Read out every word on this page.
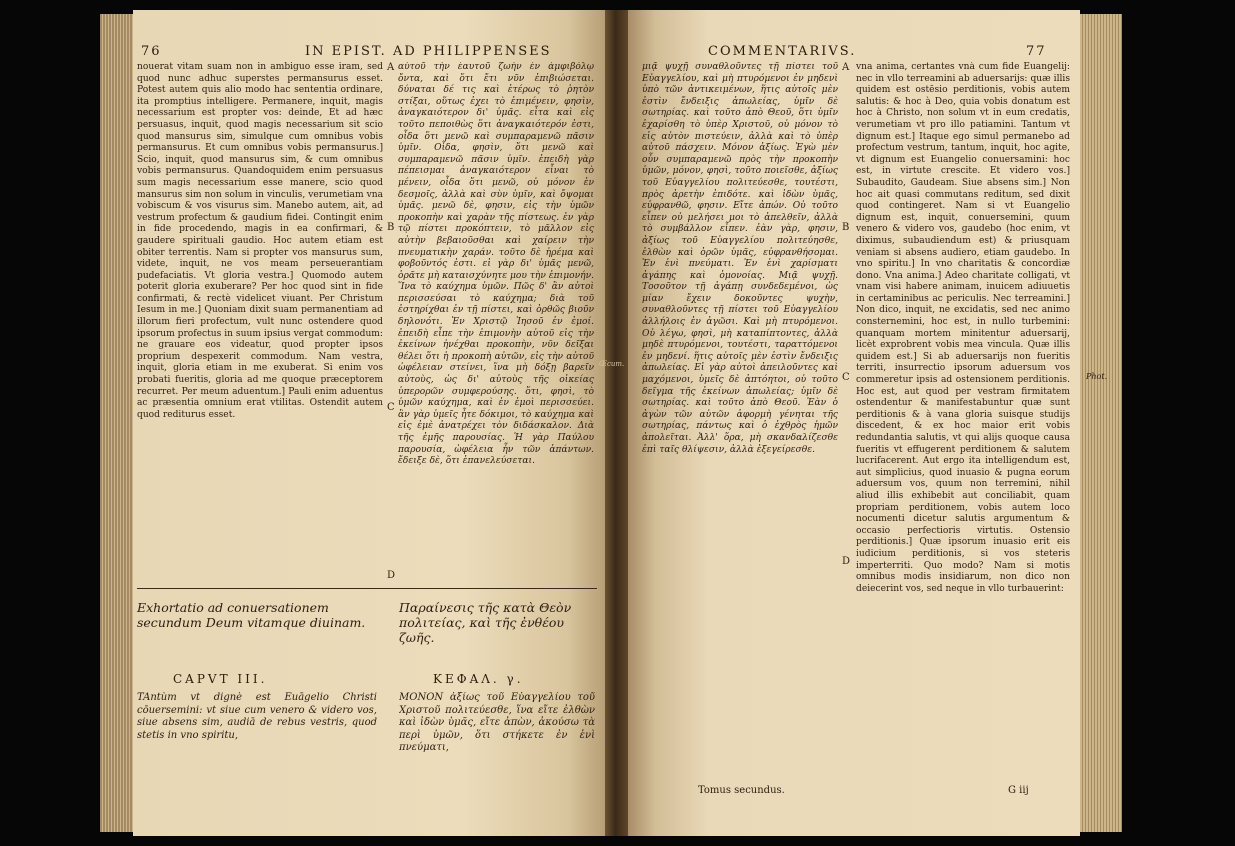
76	IN EPIST. AD PHILIPPENSES

nouerat vitam suam non in ambiguo esse iram, sed quod nunc adhuc superstes permansurus esset. Potest autem quis alio modo hac sententia ordinare, ita promptius intelligere. Permanere, inquit, magis necessarium est propter vos: deinde, Et ad hæc persuasus, inquit, quod magis necessarium sit scio quod mansurus sim, simulque cum omnibus vobis permansurus. Et cum omnibus vobis permansurus.] Scio, inquit, quod mansurus sim, & cum omnibus vobis permansurus. Quandoquidem enim persuasus sum magis necessarium esse manere, scio quod mansurus sim non solum in vinculis, verumetiam vna vobiscum & vos visurus sim. Manebo autem, ait, ad vestrum profectum & gaudium fidei. Contingit enim in fide procedendo, magis in ea confirmari, & gaudere spirituali gaudio. Hoc autem etiam est obiter terrentis. Nam si propter vos mansurus sum, videte, inquit, ne vos meam perseuerantiam pudefaciatis. Vt gloria vestra.] Quomodo autem poterit gloria exuberare? Per hoc quod sint in fide confirmati, & rectè videlicet viuant. Per Christum Iesum in me.] Quoniam dixit suam permanentiam ad illorum fieri profectum, vult nunc ostendere quod ipsorum profectus in suum ipsius vergat commodum: ne grauare eos videatur, quod propter ipsos proprium despexerit commodum. Nam vestra, inquit, gloria etiam in me exuberat. Si enim vos probati fueritis, gloria ad me quoque præceptorem recurret. Per meum aduentum.] Pauli enim aduentus ac præsentia omnium erat vtilitas. Ostendit autem quod rediturus esset.

αὐτοῦ τὴν ἑαυτοῦ ζωὴν ἐν ἀμφιβόλῳ ὄντα, καὶ ὅτι ἔτι νῦν ἐπιβιώσεται. δύναται δέ τις καὶ ἑτέρως τὸ ῥητὸν στίξαι, οὕτως ἐχει τὸ ἐπιμένειν, φησὶν, ἀναγκαιότερον δι' ὑμᾶς. εἶτα καὶ εἰς τοῦτο πεποιθὼς ὅτι ἀναγκαιότερόν ἐστι, οἶδα ὅτι μενῶ καὶ συμπαραμενῶ πᾶσιν ὑμῖν. Οἶδα, φησὶν, ὅτι μενῶ καὶ συμπαραμενῶ πᾶσιν ὑμῖν. ἐπειδὴ γὰρ πέπεισμαι ἀναγκαιότερον εἶναι τὸ μένειν, οἶδα ὅτι μενῶ, οὐ μόνον ἐν δεσμοῖς, ἀλλὰ καὶ σὺν ὑμῖν, καὶ ὄψομαι ὑμᾶς. μενῶ δὲ, φησιν, εἰς τὴν ὑμῶν προκοπὴν καὶ χαρὰν τῆς πίστεως. ἐν γὰρ τῷ πίστει προκόπτειν, τὸ μᾶλλον εἰς αὐτὴν βεβαιοῦσθαι καὶ χαίρειν τὴν πνευματικὴν χαράν. τοῦτο δὲ ἠρέμα καὶ φοβοῦντός ἐστι. εἰ γὰρ δι' ὑμᾶς μενῶ, ὁρᾶτε μὴ καταισχύνητε μου τὴν ἐπιμονήν. Ἵνα τὸ καύχημα ὑμῶν. Πῶς δ' ἂν αὐτοὶ περισσεύσαι τὸ καύχημα; διὰ τοῦ ἐστηρίχθαι ἐν τῇ πίστει, καὶ ὀρθῶς βιοῦν δηλονότι. Ἐν Χριστῷ Ἰησοῦ ἐν ἐμοί. ἐπειδὴ εἶπε τὴν ἐπιμονὴν αὐτοῦ εἰς τὴν ἐκείνων ἠνέχθαι προκοπὴν, νῦν δεῖξαι θέλει ὅτι ἡ προκοπὴ αὐτῶν, εἰς τὴν αὐτοῦ ὠφέλειαν στείνει, ἵνα μὴ δόξῃ βαρεῖν αὐτοὺς, ὡς δι' αὐτοὺς τῆς οἰκείας ὑπερορῶν συμφερούσης. ὅτι, φησὶ, τὸ ὑμῶν καύχημα, καὶ ἐν ἐμοὶ περισσεύει. ἂν γὰρ ὑμεῖς ἦτε δόκιμοι, τὸ καύχημα καὶ εἰς ἐμὲ ἀνατρέχει τὸν διδάσκαλον. Διὰ τῆς ἐμῆς παρουσίας. Ἡ γὰρ Παύλου παρουσία, ὠφέλεια ἦν τῶν ἁπάντων. ἔδειξε δὲ, ὅτι ἐπανελεύσεται.

A
B
C
D
Exhortatio ad conuersationem secundum Deum vitamque diuinam.
Παραίνεσις τῆς κατὰ Θεὸν πολιτείας, καὶ τῆς ἐνθέου ζωῆς.
CAPVT III.	ΚΕΦΑΛ. γ.

TAntùm vt dignè est Euāgelio Christi cōuersemini: vt siue cum venero & videro vos, siue absens sim, audiā de rebus vestris, quod stetis in vno spiritu,

ΜΟΝΟΝ ἀξίως τοῦ Εὐαγγελίου τοῦ Χριστοῦ πολιτεύεσθε, ἵνα εἴτε ἐλθὼν καὶ ἰδὼν ὑμᾶς, εἴτε ἀπὼν, ἀκούσω τὰ περὶ ὑμῶν, ὅτι στήκετε ἐν ἑνὶ πνεύματι,

Œcum.
COMMENTARIVS.	77

μιᾷ ψυχῇ συναθλοῦντες τῇ πίστει τοῦ Εὐαγγελίου, καὶ μὴ πτυρόμενοι ἐν μηδενὶ ὑπὸ τῶν ἀντικειμένων, ἥτις αὐτοῖς μὲν ἐστὶν ἔνδειξις ἀπωλείας, ὑμῖν δὲ σωτηρίας. καὶ τοῦτο ἀπὸ Θεοῦ, ὅτι ὑμῖν ἐχαρίσθη τὸ ὑπὲρ Χριστοῦ, οὐ μόνον τὸ εἰς αὐτὸν πιστεύειν, ἀλλὰ καὶ τὸ ὑπὲρ αὐτοῦ πάσχειν. Μόνον ἀξίως. Ἐγὼ μὲν οὖν συμπαραμενῶ πρὸς τὴν προκοπὴν ὑμῶν, μόνον, φησὶ, τοῦτο ποιεῖσθε, ἀξίως τοῦ Εὐαγγελίου πολιτεύεσθε, τουτέστι, πρὸς ἀρετὴν ἐπιδότε. καὶ ἰδὼν ὑμᾶς, εὐφρανθῶ, φησιν. Εἴτε ἀπών. Οὐ τοῦτο εἶπεν οὐ μελήσει μοι τὸ ἀπελθεῖν, ἀλλὰ τὸ συμβάλλον εἶπεν. ἐὰν γὰρ, φησιν, ἀξίως τοῦ Εὐαγγελίου πολιτεύησθε, ἐλθὼν καὶ ὁρῶν ὑμᾶς, εὐφρανθήσομαι. Ἐν ἑνὶ πνεύματι. Ἐν ἑνὶ χαρίσματι ἀγάπης καὶ ὁμονοίας. Μιᾷ ψυχῇ. Τοσοῦτον τῇ ἀγάπῃ συνδεδεμένοι, ὡς μίαν ἔχειν δοκοῦντες ψυχὴν, συναθλοῦντες τῇ πίστει τοῦ Εὐαγγελίου ἀλλήλοις ἐν ἀγῶσι. Καὶ μὴ πτυρόμενοι. Οὐ λέγω, φησὶ, μὴ καταπίπτοντες, ἀλλὰ μηδὲ πτυρόμενοι, τουτέστι, ταραττόμενοι ἐν μηδενί. ἥτις αὐτοῖς μὲν ἐστὶν ἔνδειξις ἀπωλείας. Εἰ γὰρ αὐτοὶ ἀπειλοῦντες καὶ μαχόμενοι, ὑμεῖς δὲ ἀπτόητοι, οὐ τοῦτο δεῖγμα τῆς ἐκείνων ἀπωλείας; ὑμῖν δὲ σωτηρίας. καὶ τοῦτο ἀπὸ Θεοῦ. Ἐὰν ὁ ἀγὼν τῶν αὐτῶν ἀφορμὴ γένηται τῆς σωτηρίας, πάντως καὶ ὁ ἐχθρὸς ἡμῶν ἀπολεῖται. Ἀλλ' ὅρα, μὴ σκανδαλίζεσθε ἐπὶ ταῖς θλίψεσιν, ἀλλὰ ἐξεγείρεσθε.

vna anima, certantes vnà cum fide Euangelij: nec in vllo terreamini ab aduersarijs: quæ illis quidem est ostēsio perditionis, vobis autem salutis: & hoc à Deo, quia vobis donatum est hoc à Christo, non solum vt in eum credatis, verumetiam vt pro illo patiamini. Tantum vt dignum est.] Itaque ego simul permanebo ad profectum vestrum, tantum, inquit, hoc agite, vt dignum est Euangelio conuersamini: hoc est, in virtute crescite. Et videro vos.] Subaudito, Gaudeam. Siue absens sim.] Non hoc ait quasi commutans reditum, sed dixit quod contingeret. Nam si vt Euangelio dignum est, inquit, conuersemini, quum venero & videro vos, gaudebo (hoc enim, vt diximus, subaudiendum est) & priusquam veniam si absens audiero, etiam gaudebo. In vno spiritu.] In vno charitatis & concordiæ dono. Vna anima.] Adeo charitate colligati, vt vnam visi habere animam, inuicem adiuuetis in certaminibus ac periculis. Nec terreamini.] Non dico, inquit, ne excidatis, sed nec animo consternemini, hoc est, in nullo turbemini: quanquam mortem minitentur aduersarij, licèt exprobrent vobis mea vincula. Quæ illis quidem est.] Si ab aduersarijs non fueritis territi, insurrectio ipsorum aduersum vos commeretur ipsis ad ostensionem perditionis. Hoc est, aut quod per vestram firmitatem ostendentur & manifestabuntur quæ sunt perditionis & à vana gloria suisque studijs discedent, & ex hoc maior erit vobis redundantia salutis, vt qui alijs quoque causa fueritis vt effugerent perditionem & salutem lucrifacerent. Aut ergo ita intelligendum est, aut simplicius, quod inuasio & pugna eorum aduersum vos, quum non terremini, nihil aliud illis exhibebit aut conciliabit, quam propriam perditionem, vobis autem loco nocumenti dicetur salutis argumentum & occasio perfectioris virtutis. Ostensio perditionis.] Quæ ipsorum inuasio erit eis iudicium perditionis, si vos steteris imperterriti. Quo modo? Nam si motis omnibus modis insidiarum, non dico non deiecerint vos, sed neque in vllo turbauerint:

A
B
C
D
Tomus secundus.	G iij
Phot.
